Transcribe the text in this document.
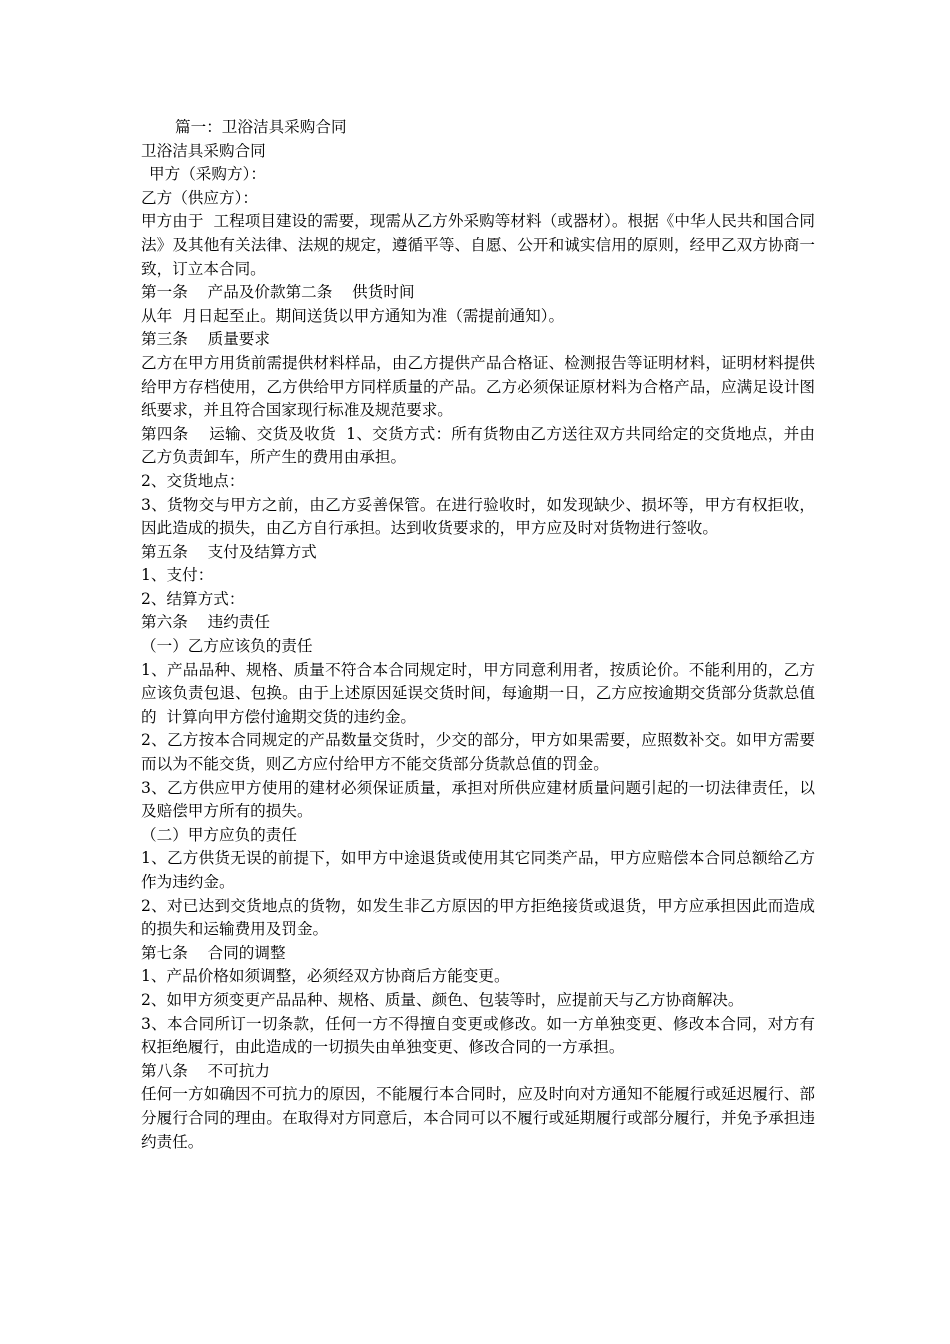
篇一：卫浴洁具采购合同

卫浴洁具采购合同

甲方（采购方）：

乙方（供应方）：

甲方由于  工程项目建设的需要，现需从乙方外采购等材料（或器材）。根据《中华人民共和国合同法》及其他有关法律、法规的规定，遵循平等、自愿、公开和诚实信用的原则，经甲乙双方协商一致，订立本合同。

第一条    产品及价款第二条    供货时间

从年  月日起至止。期间送货以甲方通知为准（需提前通知）。

第三条    质量要求

乙方在甲方用货前需提供材料样品，由乙方提供产品合格证、检测报告等证明材料，证明材料提供给甲方存档使用，乙方供给甲方同样质量的产品。乙方必须保证原材料为合格产品，应满足设计图纸要求，并且符合国家现行标准及规范要求。

第四条    运输、交货及收货  1、交货方式：所有货物由乙方送往双方共同给定的交货地点，并由乙方负责卸车，所产生的费用由承担。

2、交货地点：

3、货物交与甲方之前，由乙方妥善保管。在进行验收时，如发现缺少、损坏等，甲方有权拒收，因此造成的损失，由乙方自行承担。达到收货要求的，甲方应及时对货物进行签收。

第五条    支付及结算方式

1、支付：

2、结算方式：

第六条    违约责任

（一）乙方应该负的责任

1、产品品种、规格、质量不符合本合同规定时，甲方同意利用者，按质论价。不能利用的，乙方应该负责包退、包换。由于上述原因延误交货时间，每逾期一日，乙方应按逾期交货部分货款总值的  计算向甲方偿付逾期交货的违约金。

2、乙方按本合同规定的产品数量交货时，少交的部分，甲方如果需要，应照数补交。如甲方需要而以为不能交货，则乙方应付给甲方不能交货部分货款总值的罚金。

3、乙方供应甲方使用的建材必须保证质量，承担对所供应建材质量问题引起的一切法律责任，以及赔偿甲方所有的损失。

（二）甲方应负的责任

1、乙方供货无误的前提下，如甲方中途退货或使用其它同类产品，甲方应赔偿本合同总额给乙方作为违约金。

2、对已达到交货地点的货物，如发生非乙方原因的甲方拒绝接货或退货，甲方应承担因此而造成的损失和运输费用及罚金。

第七条    合同的调整

1、产品价格如须调整，必须经双方协商后方能变更。

2、如甲方须变更产品品种、规格、质量、颜色、包装等时，应提前天与乙方协商解决。

3、本合同所订一切条款，任何一方不得擅自变更或修改。如一方单独变更、修改本合同，对方有权拒绝履行，由此造成的一切损失由单独变更、修改合同的一方承担。

第八条    不可抗力

任何一方如确因不可抗力的原因，不能履行本合同时，应及时向对方通知不能履行或延迟履行、部分履行合同的理由。在取得对方同意后，本合同可以不履行或延期履行或部分履行，并免予承担违约责任。
